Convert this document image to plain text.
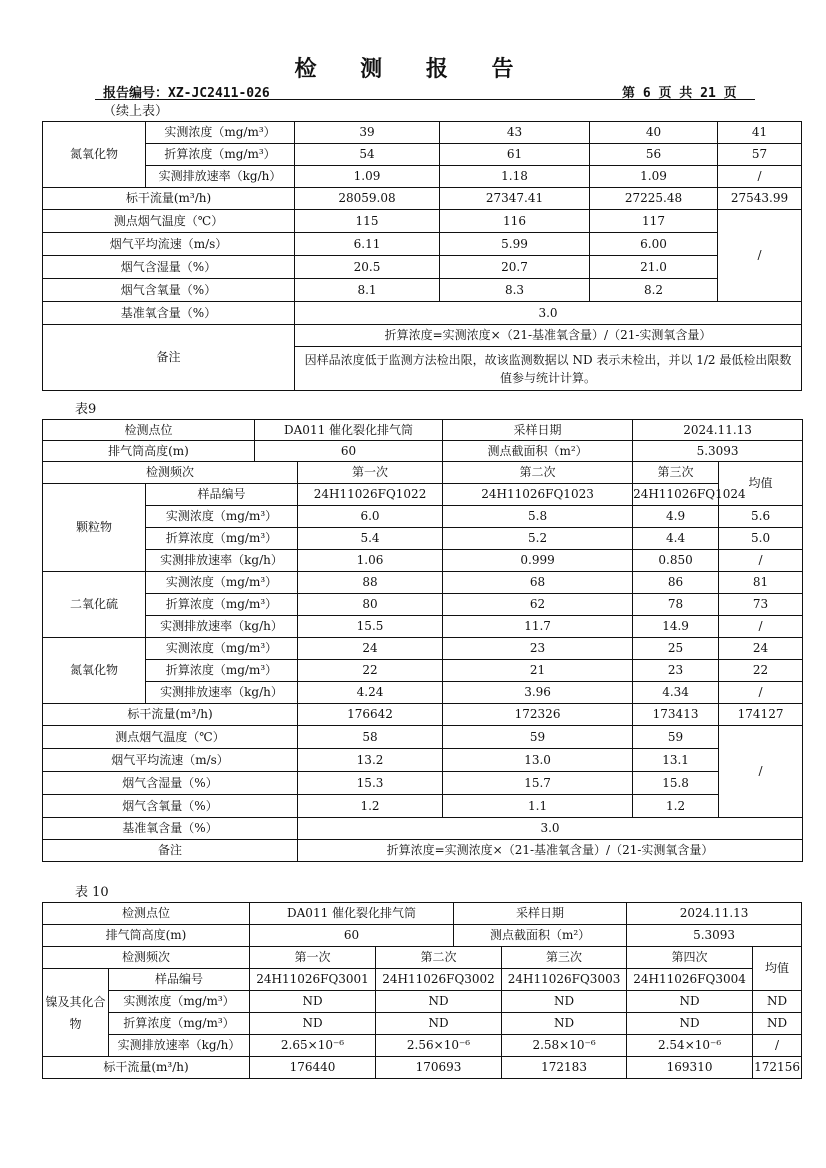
检 测 报 告
报告编号：XZ-JC2411-026	第 6 页 共 21 页
（续上表）
氮氧化物	实测浓度（mg/m³）	39	43	40	41
	折算浓度（mg/m³）	54	61	56	57
	实测排放速率（kg/h）	1.09	1.18	1.09	/
标干流量(m³/h)		28059.08	27347.41	27225.48	27543.99
测点烟气温度（℃）		115	116	117	/
烟气平均流速（m/s）		6.11	5.99	6.00	
烟气含湿量（%）		20.5	20.7	21.0	
烟气含氧量（%）		8.1	8.3	8.2	
基准氧含量（%）		3.0			
备注		折算浓度=实测浓度×（21-基准氧含量）/（21-实测氧含量）			
		因样品浓度低于监测方法检出限，故该监测数据以 ND 表示未检出，并以 1/2 最低检出限数值参与统计计算。			
表9
检测点位		DA011 催化裂化排气筒		采样日期	2024.11.13	
排气筒高度(m)		60		测点截面积（m²）	5.3093	
检测频次			第一次	第二次	第三次	均值
颗粒物	样品编号		24H11026FQ1022	24H11026FQ1023	24H11026FQ1024	
	实测浓度（mg/m³）		6.0	5.8	4.9	5.6
	折算浓度（mg/m³）		5.4	5.2	4.4	5.0
	实测排放速率（kg/h）		1.06	0.999	0.850	/
二氧化硫	实测浓度（mg/m³）		88	68	86	81
	折算浓度（mg/m³）		80	62	78	73
	实测排放速率（kg/h）		15.5	11.7	14.9	/
氮氧化物	实测浓度（mg/m³）		24	23	25	24
	折算浓度（mg/m³）		22	21	23	22
	实测排放速率（kg/h）		4.24	3.96	4.34	/
标干流量(m³/h)			176642	172326	173413	174127
测点烟气温度（℃）			58	59	59	/
烟气平均流速（m/s）			13.2	13.0	13.1	
烟气含湿量（%）			15.3	15.7	15.8	
烟气含氧量（%）			1.2	1.1	1.2	
基准氧含量（%）			3.0			
备注			折算浓度=实测浓度×（21-基准氧含量）/（21-实测氧含量）			
表 10
检测点位		DA011 催化裂化排气筒		采样日期		2024.11.13	
排气筒高度(m)		60		测点截面积（m²）		5.3093	
检测频次		第一次	第二次		第三次	第四次	均值
镍及其化合物	样品编号	24H11026FQ3001	24H11026FQ3002		24H11026FQ3003	24H11026FQ3004	
	实测浓度（mg/m³）	ND	ND		ND	ND	ND
	折算浓度（mg/m³）	ND	ND		ND	ND	ND
	实测排放速率（kg/h）	2.65×10⁻⁶	2.56×10⁻⁶		2.58×10⁻⁶	2.54×10⁻⁶	/
标干流量(m³/h)		176440	170693		172183	169310	172156
